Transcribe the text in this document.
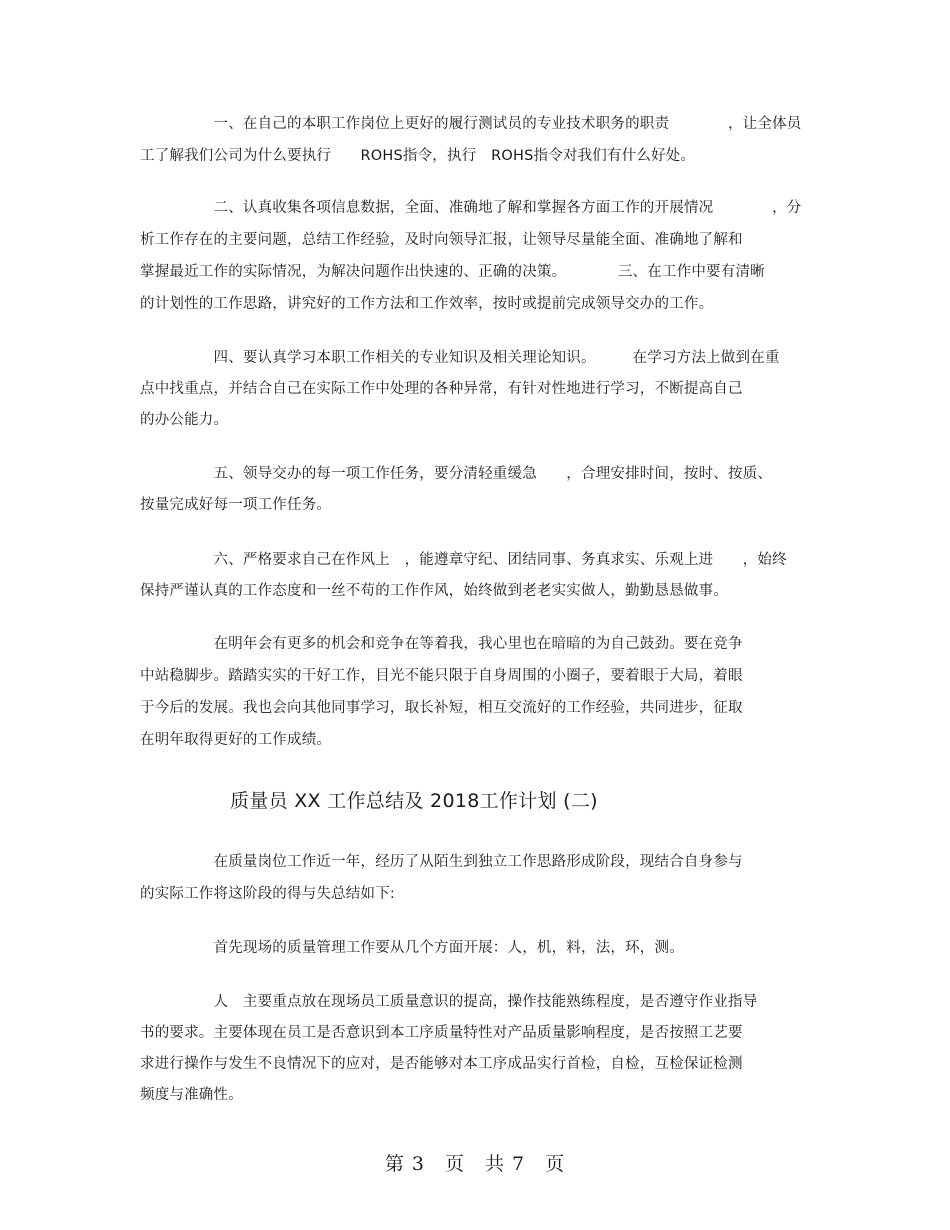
　　　　　一、在自己的本职工作岗位上更好的履行测试员的专业技术职务的职责　　　　，让全体员
工了解我们公司为什么要执行　　ROHS指令，执行　ROHS指令对我们有什么好处。
　　　　　二、认真收集各项信息数据，全面、准确地了解和掌握各方面工作的开展情况　　　　，分
析工作存在的主要问题，总结工作经验，及时向领导汇报，让领导尽量能全面、准确地了解和
掌握最近工作的实际情况，为解决问题作出快速的、正确的决策。　　　　三、在工作中要有清晰
的计划性的工作思路，讲究好的工作方法和工作效率，按时或提前完成领导交办的工作。
　　　　　四、要认真学习本职工作相关的专业知识及相关理论知识。　　　在学习方法上做到在重
点中找重点，并结合自己在实际工作中处理的各种异常，有针对性地进行学习，不断提高自己
的办公能力。
　　　　　五、领导交办的每一项工作任务，要分清轻重缓急　　，合理安排时间，按时、按质、
按量完成好每一项工作任务。
　　　　　六、严格要求自己在作风上　，能遵章守纪、团结同事、务真求实、乐观上进　　，始终
保持严谨认真的工作态度和一丝不苟的工作作风，始终做到老老实实做人，勤勤恳恳做事。
　　　　　在明年会有更多的机会和竞争在等着我，我心里也在暗暗的为自己鼓劲。要在竞争
中站稳脚步。踏踏实实的干好工作，目光不能只限于自身周围的小圈子，要着眼于大局，着眼
于今后的发展。我也会向其他同事学习，取长补短，相互交流好的工作经验，共同进步，征取
在明年取得更好的工作成绩。
质量员 XX 工作总结及 2018工作计划 (二)
　　　　　在质量岗位工作近一年，经历了从陌生到独立工作思路形成阶段，现结合自身参与
的实际工作将这阶段的得与失总结如下:
　　　　　首先现场的质量管理工作要从几个方面开展：人，机，料，法，环，测。
　　　　　人　主要重点放在现场员工质量意识的提高，操作技能熟练程度，是否遵守作业指导
书的要求。主要体现在员工是否意识到本工序质量特性对产品质量影响程度，是否按照工艺要
求进行操作与发生不良情况下的应对，是否能够对本工序成品实行首检，自检，互检保证检测
频度与准确性。
第 3　页　共 7　页
